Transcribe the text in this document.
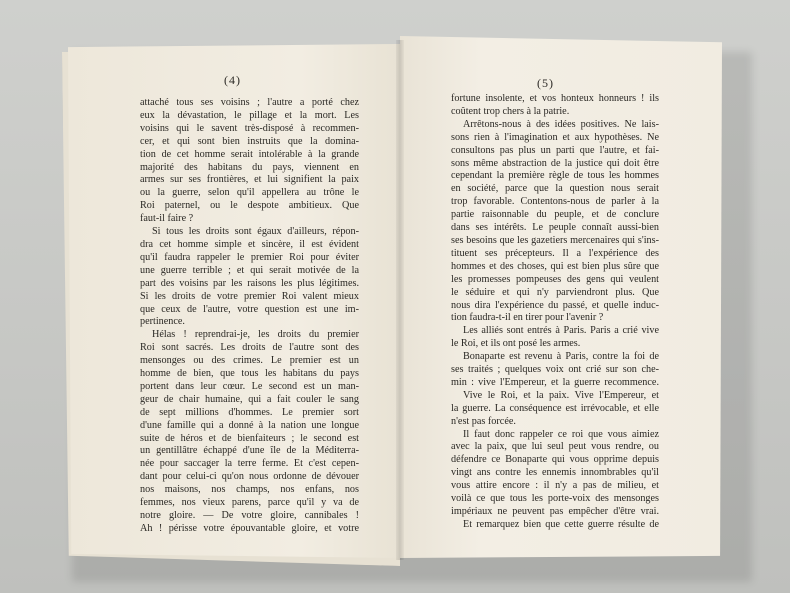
(4)	(5)
attaché tous ses voisins ; l'autre a porté chez
eux la dévastation, le pillage et la mort. Les
voisins qui le savent très-disposé à recommen-
cer, et qui sont bien instruits que la domina-
tion de cet homme serait intolérable à la grande
majorité des habitans du pays, viennent en
armes sur ses frontières, et lui signifient la paix
ou la guerre, selon qu'il appellera au trône le
Roi paternel, ou le despote ambitieux. Que
faut-il faire ?
Si tous les droits sont égaux d'ailleurs, répon-
dra cet homme simple et sincère, il est évident
qu'il faudra rappeler le premier Roi pour éviter
une guerre terrible ; et qui serait motivée de la
part des voisins par les raisons les plus légitimes.
Si les droits de votre premier Roi valent mieux
que ceux de l'autre, votre question est une im-
pertinence.
Hélas ! reprendrai-je, les droits du premier
Roi sont sacrés. Les droits de l'autre sont des
mensonges ou des crimes. Le premier est un
homme de bien, que tous les habitans du pays
portent dans leur cœur. Le second est un man-
geur de chair humaine, qui a fait couler le sang
de sept millions d'hommes. Le premier sort
d'une famille qui a donné à la nation une longue
suite de héros et de bienfaiteurs ; le second est
un gentillâtre échappé d'une île de la Méditerra-
née pour saccager la terre ferme. Et c'est cepen-
dant pour celui-ci qu'on nous ordonne de dévouer
nos maisons, nos champs, nos enfans, nos
femmes, nos vieux parens, parce qu'il y va de
notre gloire. — De votre gloire, cannibales !
Ah ! périsse votre épouvantable gloire, et votre
fortune insolente, et vos honteux honneurs ! ils
coûtent trop chers à la patrie.
Arrêtons-nous à des idées positives. Ne lais-
sons rien à l'imagination et aux hypothèses. Ne
consultons pas plus un parti que l'autre, et fai-
sons même abstraction de la justice qui doit être
cependant la première règle de tous les hommes
en société, parce que la question nous serait
trop favorable. Contentons-nous de parler à la
partie raisonnable du peuple, et de conclure
dans ses intérêts. Le peuple connaît aussi-bien
ses besoins que les gazetiers mercenaires qui s'ins-
tituent ses précepteurs. Il a l'expérience des
hommes et des choses, qui est bien plus sûre que
les promesses pompeuses des gens qui veulent
le séduire et qui n'y parviendront plus. Que
nous dira l'expérience du passé, et quelle induc-
tion faudra-t-il en tirer pour l'avenir ?
Les alliés sont entrés à Paris. Paris a crié vive
le Roi, et ils ont posé les armes.
Bonaparte est revenu à Paris, contre la foi de
ses traités ; quelques voix ont crié sur son che-
min : vive l'Empereur, et la guerre recommence.
Vive le Roi, et la paix. Vive l'Empereur, et
la guerre. La conséquence est irrévocable, et elle
n'est pas forcée.
Il faut donc rappeler ce roi que vous aimiez
avec la paix, que lui seul peut vous rendre, ou
défendre ce Bonaparte qui vous opprime depuis
vingt ans contre les ennemis innombrables qu'il
vous attire encore : il n'y a pas de milieu, et
voilà ce que tous les porte-voix des mensonges
impériaux ne peuvent pas empêcher d'être vrai.
Et remarquez bien que cette guerre résulte de
